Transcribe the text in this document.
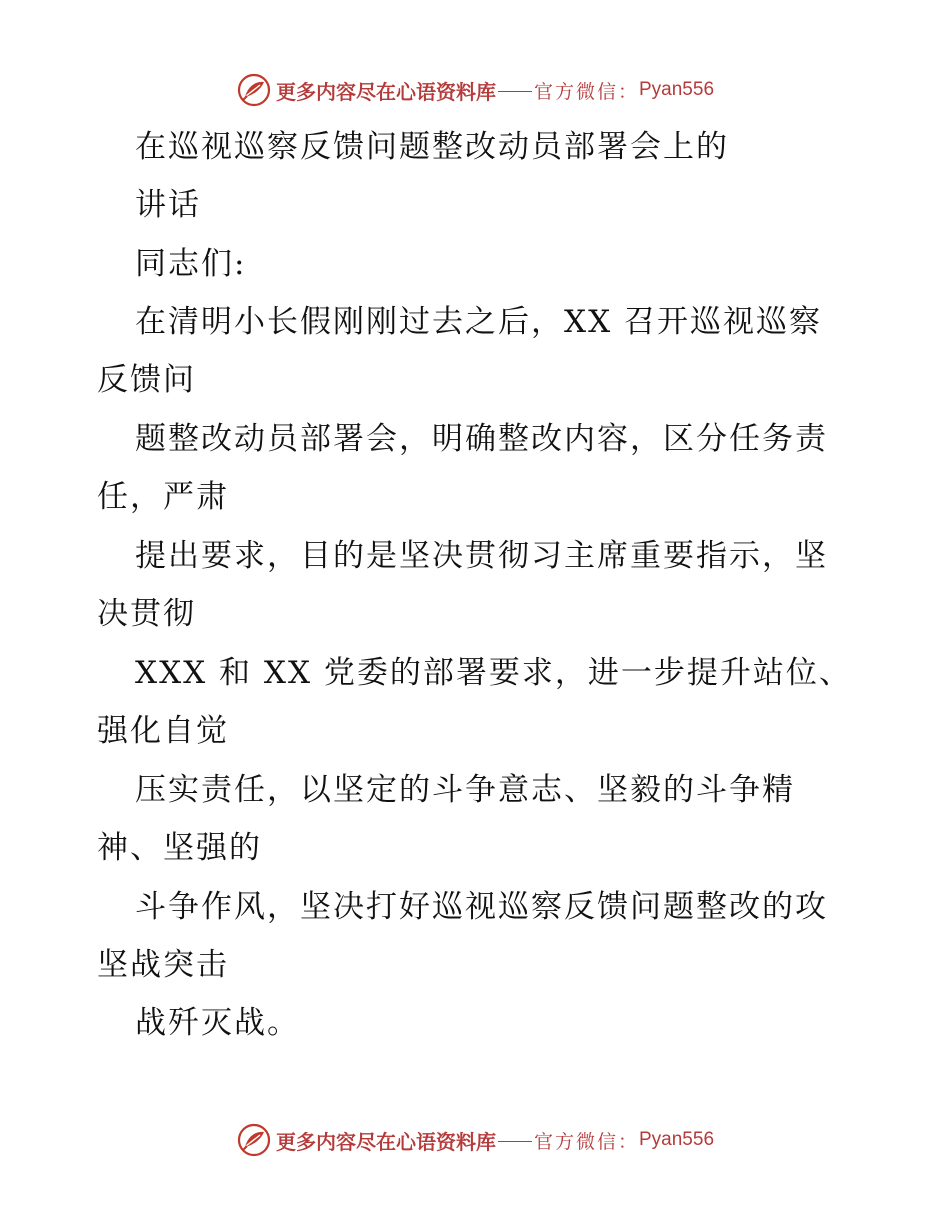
更多内容尽在心语资料库 官方微信： Pyan556
在巡视巡察反馈问题整改动员部署会上的
讲话
同志们:
在清明小长假刚刚过去之后，XX 召开巡视巡察
反馈问
题整改动员部署会，明确整改内容，区分任务责
任，严肃
提出要求，目的是坚决贯彻习主席重要指示，坚
决贯彻
XXX 和 XX 党委的部署要求，进一步提升站位、
强化自觉
压实责任，以坚定的斗争意志、坚毅的斗争精
神、坚强的
斗争作风，坚决打好巡视巡察反馈问题整改的攻
坚战突击
战歼灭战。
更多内容尽在心语资料库 官方微信： Pyan556
